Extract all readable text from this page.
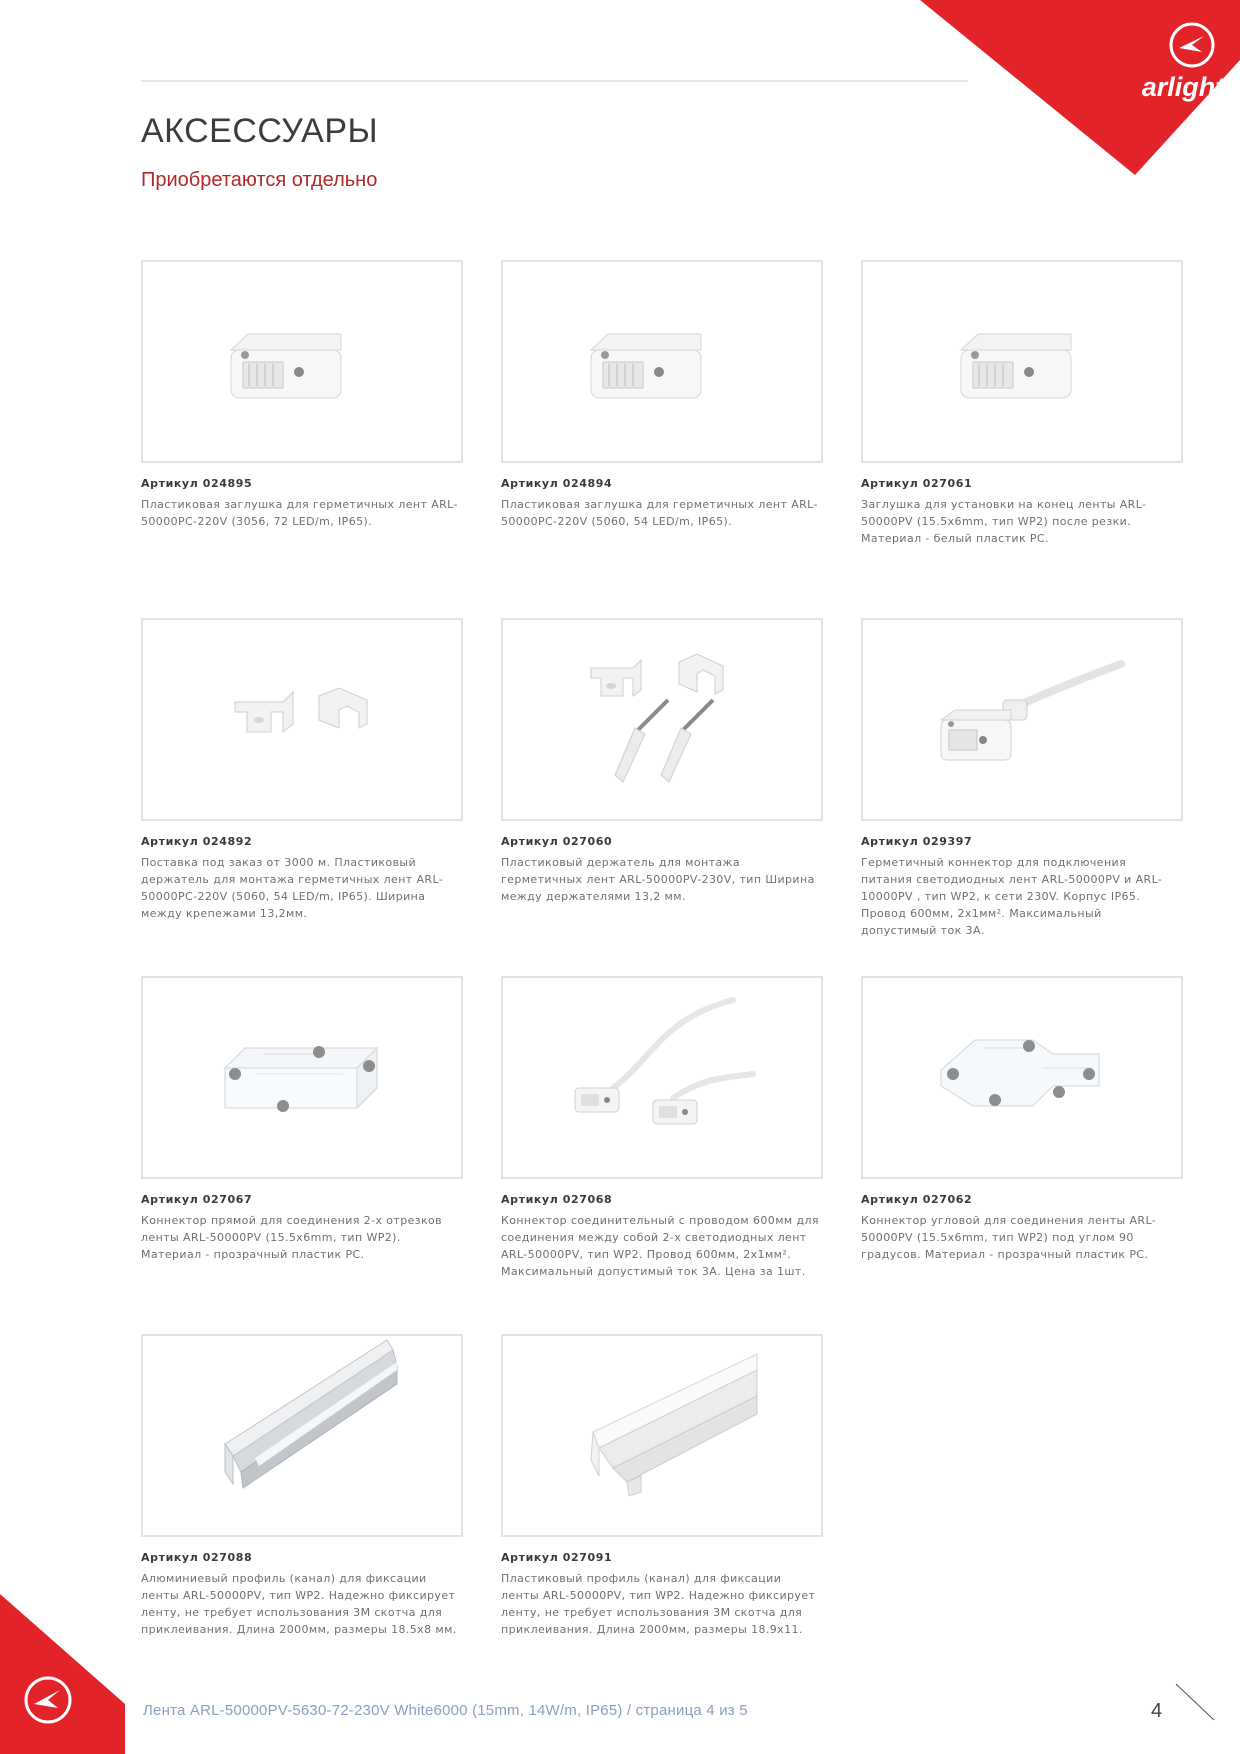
arlight ®
АКСЕССУАРЫ
Приобретаются отдельно
Артикул 024895
Пластиковая заглушка для герметичных лент ARL-50000PC-220V (3056, 72 LED/m, IP65).
Артикул 024894
Пластиковая заглушка для герметичных лент ARL-50000PC-220V (5060, 54 LED/m, IP65).
Артикул 027061
Заглушка для установки на конец ленты ARL-50000PV (15.5x6mm, тип WP2) после резки. Материал - белый пластик PC.
Артикул 024892
Поставка под заказ от 3000 м. Пластиковый держатель для монтажа герметичных лент ARL-50000PC-220V (5060, 54 LED/m, IP65). Ширина между крепежами 13,2мм.
Артикул 027060
Пластиковый держатель для монтажа герметичных лент ARL-50000PV-230V, тип Ширина между держателями 13,2 мм.
Артикул 029397
Герметичный коннектор для подключения питания светодиодных лент ARL-50000PV и ARL-10000PV , тип WP2, к сети 230V. Корпус IP65. Провод 600мм, 2х1мм². Максимальный допустимый ток 3А.
Артикул 027067
Коннектор прямой для соединения 2-х отрезков ленты ARL-50000PV (15.5x6mm, тип WP2). Материал - прозрачный пластик PC.
Артикул 027068
Коннектор соединительный с проводом 600мм для соединения между собой 2-х светодиодных лент ARL-50000PV, тип WP2. Провод 600мм, 2х1мм². Максимальный допустимый ток 3А. Цена за 1шт.
Артикул 027062
Коннектор угловой для соединения ленты ARL-50000PV (15.5x6mm, тип WP2) под углом 90 градусов. Материал - прозрачный пластик PC.
Артикул 027088
Алюминиевый профиль (канал) для фиксации ленты ARL-50000PV, тип WP2. Надежно фиксирует ленту, не требует использования 3M скотча для приклеивания. Длина 2000мм, размеры 18.5х8 мм.
Артикул 027091
Пластиковый профиль (канал) для фиксации ленты ARL-50000PV, тип WP2. Надежно фиксирует ленту, не требует использования 3M скотча для приклеивания. Длина 2000мм, размеры 18.9х11.
Лента ARL-50000PV-5630-72-230V White6000 (15mm, 14W/m, IP65) / страница 4 из 5	4
